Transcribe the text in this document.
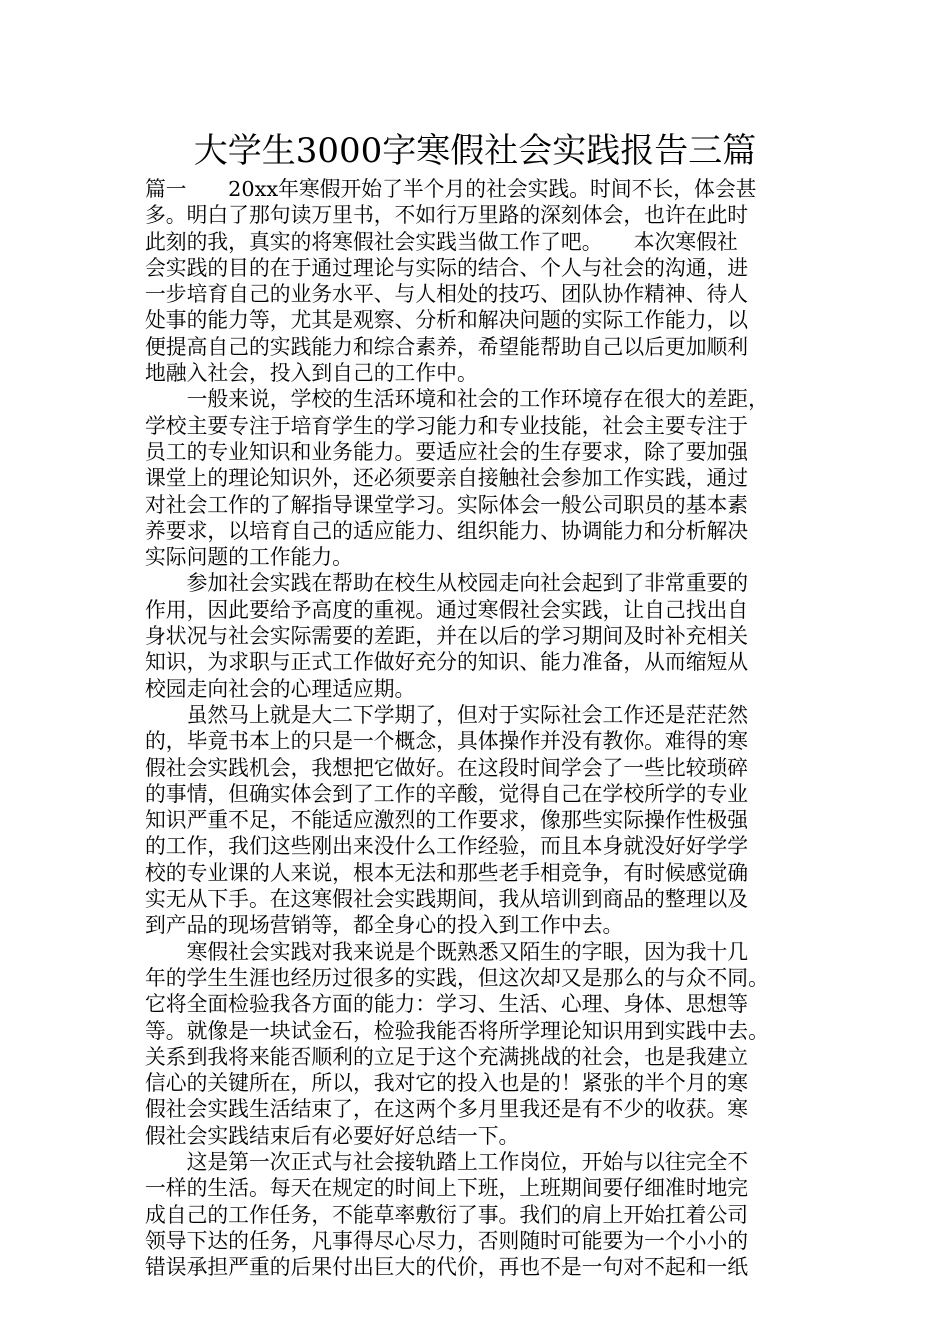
大学生3000字寒假社会实践报告三篇
篇一　　20xx年寒假开始了半个月的社会实践。时间不长，体会甚
多。明白了那句读万里书，不如行万里路的深刻体会，也许在此时
此刻的我，真实的将寒假社会实践当做工作了吧。　　本次寒假社
会实践的目的在于通过理论与实际的结合、个人与社会的沟通，进
一步培育自己的业务水平、与人相处的技巧、团队协作精神、待人
处事的能力等，尤其是观察、分析和解决问题的实际工作能力，以
便提高自己的实践能力和综合素养，希望能帮助自己以后更加顺利
地融入社会，投入到自己的工作中。
　　一般来说，学校的生活环境和社会的工作环境存在很大的差距，
学校主要专注于培育学生的学习能力和专业技能，社会主要专注于
员工的专业知识和业务能力。要适应社会的生存要求，除了要加强
课堂上的理论知识外，还必须要亲自接触社会参加工作实践，通过
对社会工作的了解指导课堂学习。实际体会一般公司职员的基本素
养要求，以培育自己的适应能力、组织能力、协调能力和分析解决
实际问题的工作能力。
　　参加社会实践在帮助在校生从校园走向社会起到了非常重要的
作用，因此要给予高度的重视。通过寒假社会实践，让自己找出自
身状况与社会实际需要的差距，并在以后的学习期间及时补充相关
知识，为求职与正式工作做好充分的知识、能力准备，从而缩短从
校园走向社会的心理适应期。
　　虽然马上就是大二下学期了，但对于实际社会工作还是茫茫然
的，毕竟书本上的只是一个概念，具体操作并没有教你。难得的寒
假社会实践机会，我想把它做好。在这段时间学会了一些比较琐碎
的事情，但确实体会到了工作的辛酸，觉得自己在学校所学的专业
知识严重不足，不能适应激烈的工作要求，像那些实际操作性极强
的工作，我们这些刚出来没什么工作经验，而且本身就没好好学学
校的专业课的人来说，根本无法和那些老手相竞争，有时候感觉确
实无从下手。在这寒假社会实践期间，我从培训到商品的整理以及
到产品的现场营销等，都全身心的投入到工作中去。
　　寒假社会实践对我来说是个既熟悉又陌生的字眼，因为我十几
年的学生生涯也经历过很多的实践，但这次却又是那么的与众不同。
它将全面检验我各方面的能力：学习、生活、心理、身体、思想等
等。就像是一块试金石，检验我能否将所学理论知识用到实践中去。
关系到我将来能否顺利的立足于这个充满挑战的社会，也是我建立
信心的关键所在，所以，我对它的投入也是的！紧张的半个月的寒
假社会实践生活结束了，在这两个多月里我还是有不少的收获。寒
假社会实践结束后有必要好好总结一下。
　　这是第一次正式与社会接轨踏上工作岗位，开始与以往完全不
一样的生活。每天在规定的时间上下班，上班期间要仔细准时地完
成自己的工作任务，不能草率敷衍了事。我们的肩上开始扛着公司
领导下达的任务，凡事得尽心尽力，否则随时可能要为一个小小的
错误承担严重的后果付出巨大的代价，再也不是一句对不起和一纸
